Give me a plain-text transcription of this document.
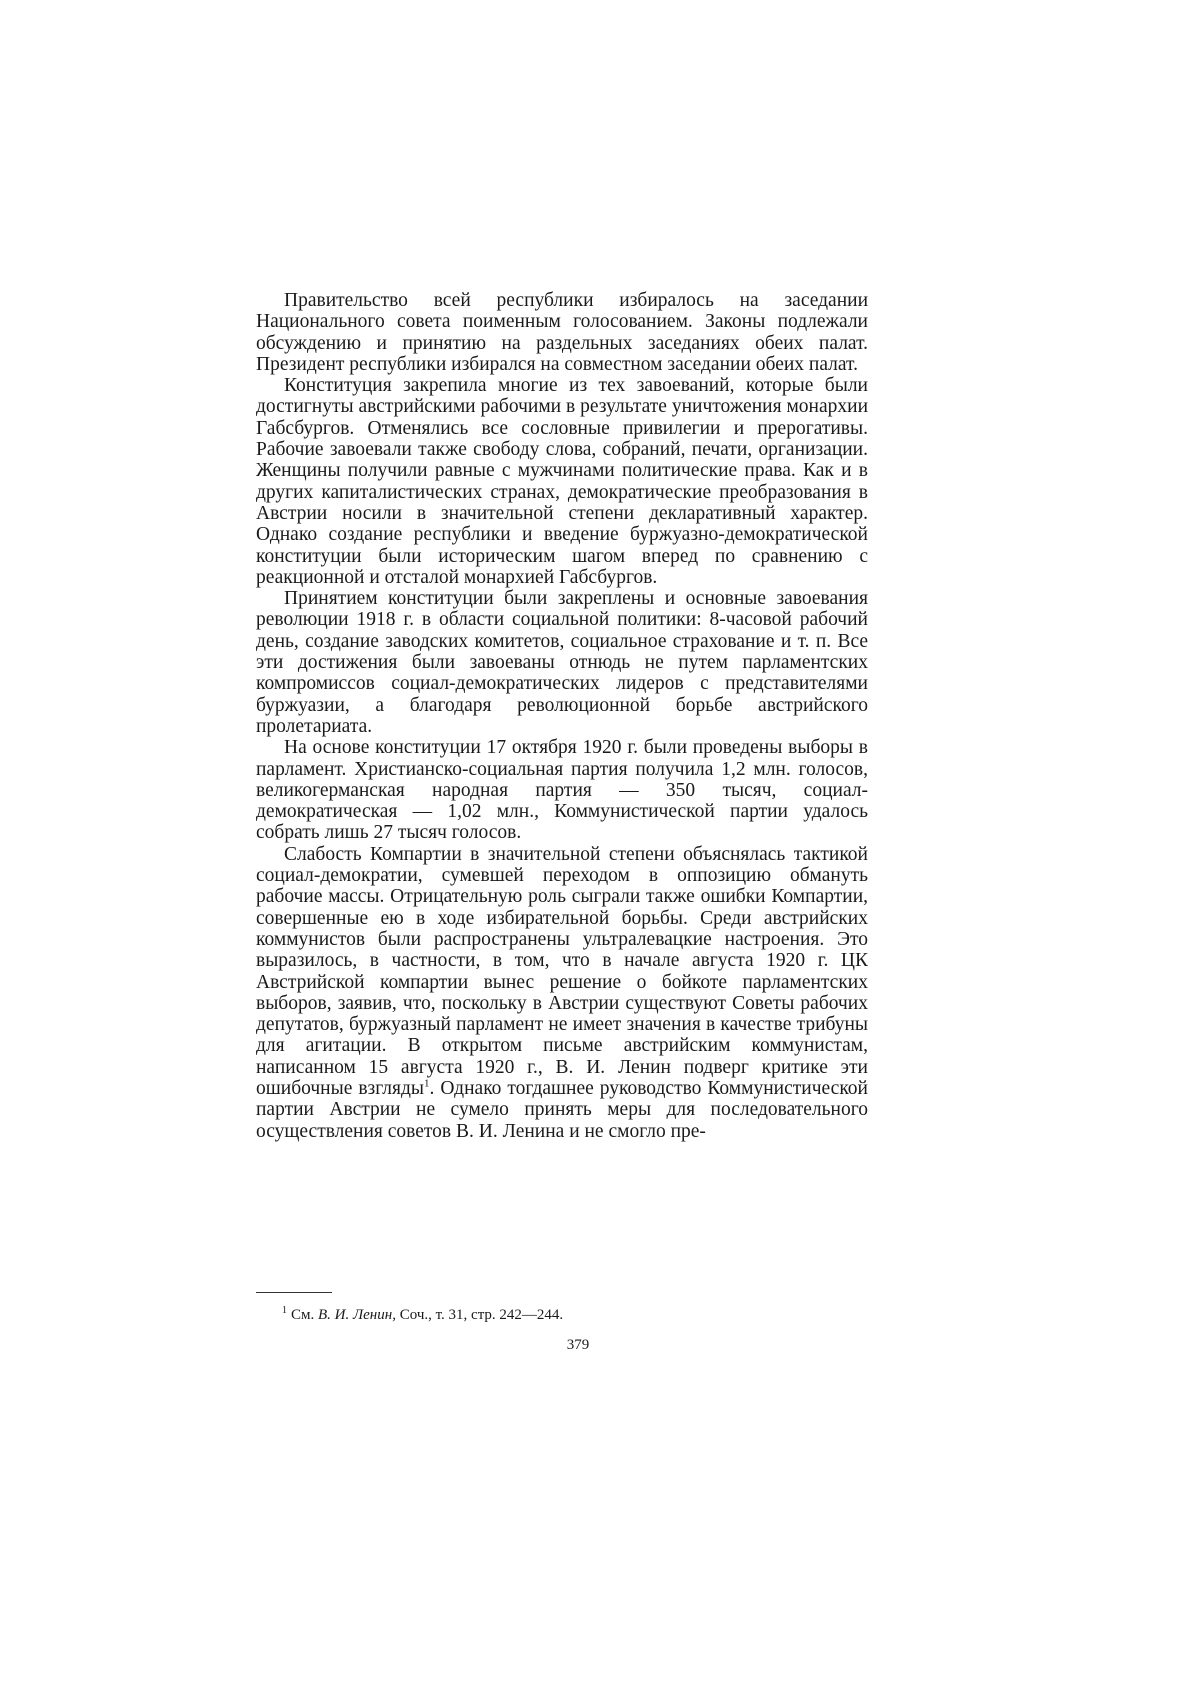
Правительство всей республики избиралось на заседании Национального совета поименным голосованием. Законы подлежали обсуждению и принятию на раздельных заседаниях обеих палат. Президент республики избирался на совместном заседании обеих палат.

Конституция закрепила многие из тех завоеваний, которые были достигнуты австрийскими рабочими в результате уничтожения монархии Габсбургов. Отменялись все сословные привилегии и прерогативы. Рабочие завоевали также свободу слова, собраний, печати, организации. Женщины получили равные с мужчинами политические права. Как и в других капиталистических странах, демократические преобразования в Австрии носили в значительной степени декларативный характер. Однако создание республики и введение буржуазно-демократической конституции были историческим шагом вперед по сравнению с реакционной и отсталой монархией Габсбургов.

Принятием конституции были закреплены и основные завоевания революции 1918 г. в области социальной политики: 8-часовой рабочий день, создание заводских комитетов, социальное страхование и т. п. Все эти достижения были завоеваны отнюдь не путем парламентских компромиссов социал-демократических лидеров с представителями буржуазии, а благодаря революционной борьбе австрийского пролетариата.

На основе конституции 17 октября 1920 г. были проведены выборы в парламент. Христианско-социальная партия получила 1,2 млн. голосов, великогерманская народная партия — 350 тысяч, социал-демократическая — 1,02 млн., Коммунистической партии удалось собрать лишь 27 тысяч голосов.

Слабость Компартии в значительной степени объяснялась тактикой социал-демократии, сумевшей переходом в оппозицию обмануть рабочие массы. Отрицательную роль сыграли также ошибки Компартии, совершенные ею в ходе избирательной борьбы. Среди австрийских коммунистов были распространены ультралевацкие настроения. Это выразилось, в частности, в том, что в начале августа 1920 г. ЦК Австрийской компартии вынес решение о бойкоте парламентских выборов, заявив, что, поскольку в Австрии существуют Советы рабочих депутатов, буржуазный парламент не имеет значения в качестве трибуны для агитации. В открытом письме австрийским коммунистам, написанном 15 августа 1920 г., В. И. Ленин подверг критике эти ошибочные взгляды$^1$. Однако тогдашнее руководство Коммунистической партии Австрии не сумело принять меры для последовательного осуществления советов В. И. Ленина и не смогло пре-

$^1$ См. В. И. Ленин, Соч., т. 31, стр. 242—244.
379
